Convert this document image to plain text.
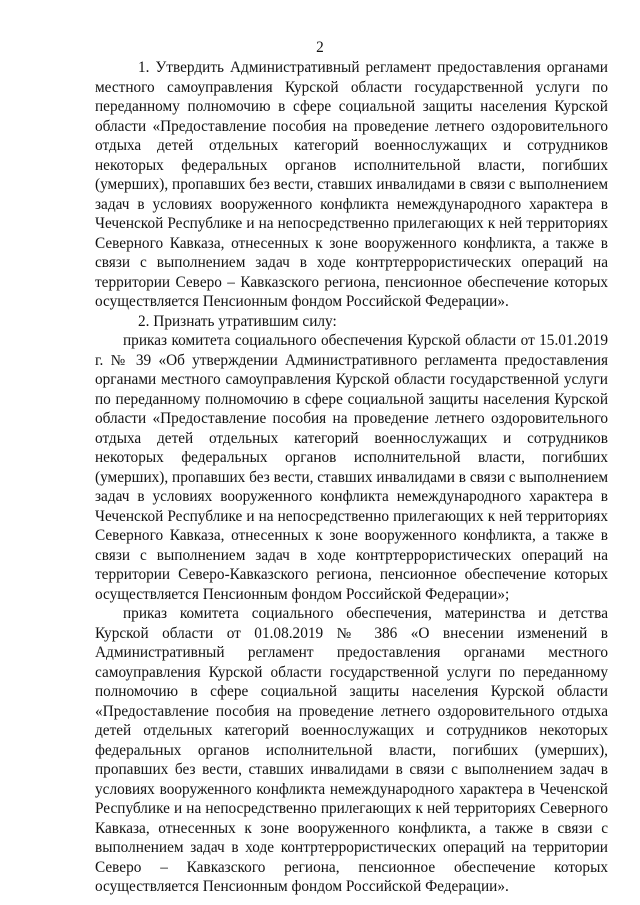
2

1. Утвердить Административный регламент предоставления органами местного самоуправления Курской области государственной услуги по переданному полномочию в сфере социальной защиты населения Курской области «Предоставление пособия на проведение летнего оздоровительного отдыха детей отдельных категорий военнослужащих и сотрудников некоторых федеральных органов исполнительной власти, погибших (умерших), пропавших без вести, ставших инвалидами в связи с выполнением задач в условиях вооруженного конфликта немеждународного характера в Чеченской Республике и на непосредственно прилегающих к ней территориях Северного Кавказа, отнесенных к зоне вооруженного конфликта, а также в связи с выполнением задач в ходе контртеррористических операций на территории Северо – Кавказского региона, пенсионное обеспечение которых осуществляется Пенсионным фондом Российской Федерации».

2. Признать утратившим силу:

приказ комитета социального обеспечения Курской области от 15.01.2019 г. № 39 «Об утверждении Административного регламента предоставления органами местного самоуправления Курской области государственной услуги по переданному полномочию в сфере социальной защиты населения Курской области «Предоставление пособия на проведение летнего оздоровительного отдыха детей отдельных категорий военнослужащих и сотрудников некоторых федеральных органов исполнительной власти, погибших (умерших), пропавших без вести, ставших инвалидами в связи с выполнением задач в условиях вооруженного конфликта немеждународного характера в Чеченской Республике и на непосредственно прилегающих к ней территориях Северного Кавказа, отнесенных к зоне вооруженного конфликта, а также в связи с выполнением задач в ходе контртеррористических операций на территории Северо-Кавказского региона, пенсионное обеспечение которых осуществляется Пенсионным фондом Российской Федерации»;

приказ комитета социального обеспечения, материнства и детства Курской области от 01.08.2019 № 386 «О внесении изменений в Административный регламент предоставления органами местного самоуправления Курской области государственной услуги по переданному полномочию в сфере социальной защиты населения Курской области «Предоставление пособия на проведение летнего оздоровительного отдыха детей отдельных категорий военнослужащих и сотрудников некоторых федеральных органов исполнительной власти, погибших (умерших), пропавших без вести, ставших инвалидами в связи с выполнением задач в условиях вооруженного конфликта немеждународного характера в Чеченской Республике и на непосредственно прилегающих к ней территориях Северного Кавказа, отнесенных к зоне вооруженного конфликта, а также в связи с выполнением задач в ходе контртеррористических операций на территории Северо – Кавказского региона, пенсионное обеспечение которых осуществляется Пенсионным фондом Российской Федерации».
